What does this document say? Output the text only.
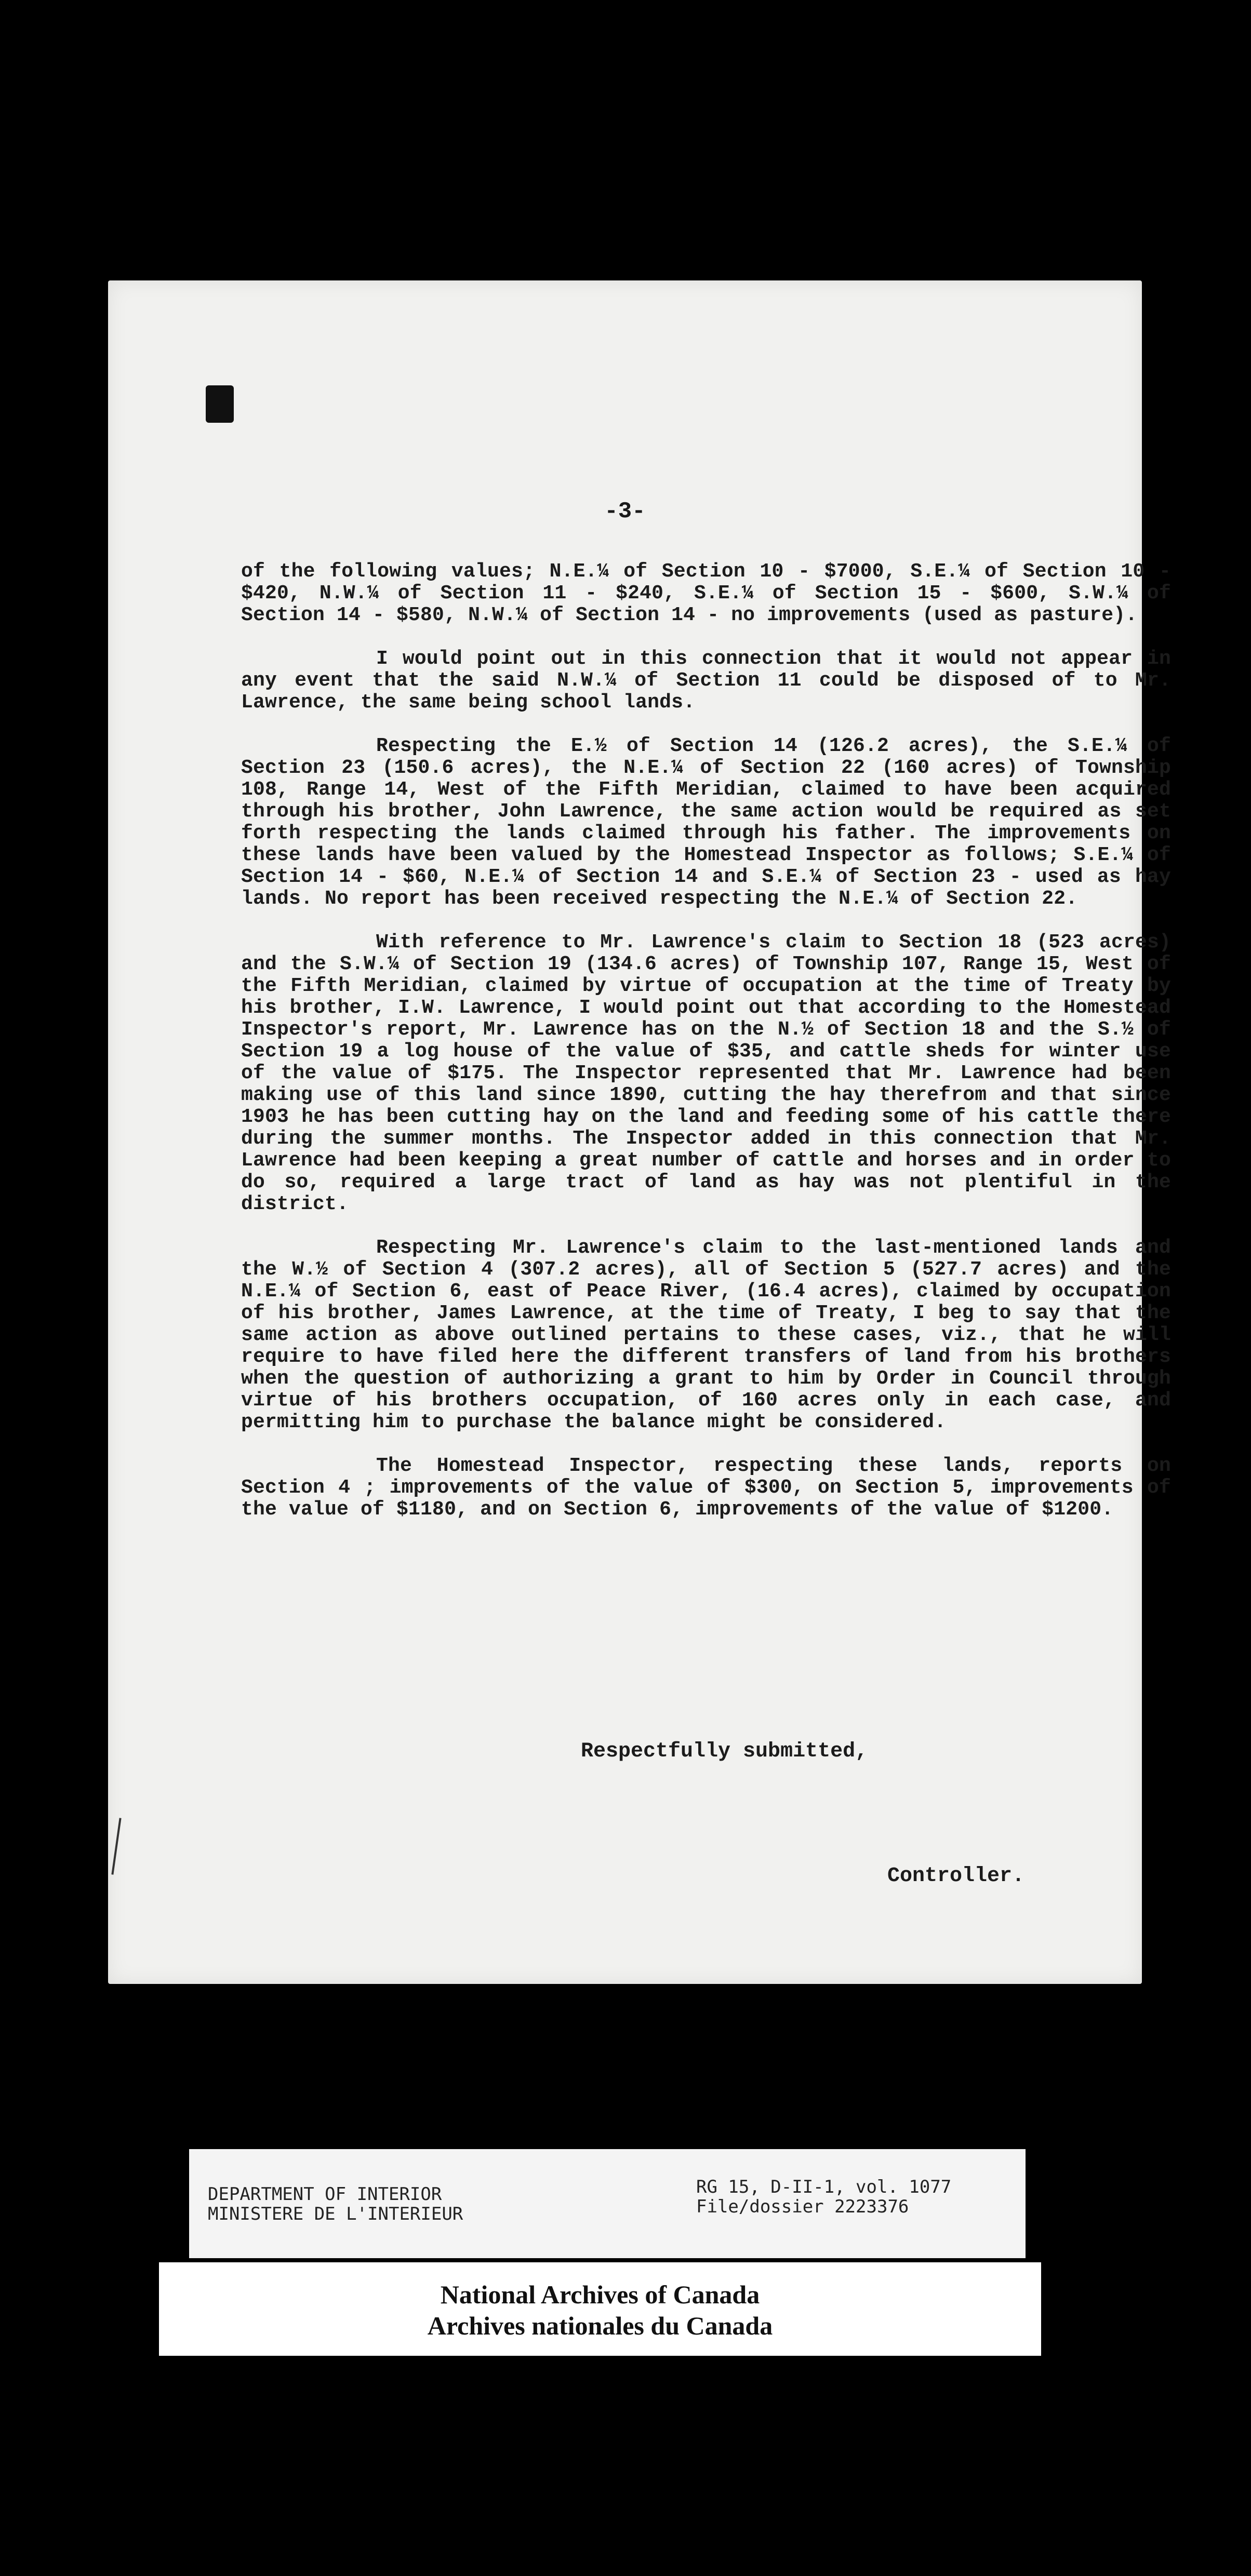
-3-

of the following values; N.E.¼ of Section 10 - $7000, S.E.¼ of Section 10 - $420, N.W.¼ of Section 11 - $240, S.E.¼ of Section 15 - $600, S.W.¼ of Section 14 - $580, N.W.¼ of Section 14 - no improvements (used as pasture).

I would point out in this connection that it would not appear in any event that the said N.W.¼ of Section 11 could be disposed of to Mr. Lawrence, the same being school lands.

Respecting the E.½ of Section 14 (126.2 acres), the S.E.¼ of Section 23 (150.6 acres), the N.E.¼ of Section 22 (160 acres) of Township 108, Range 14, West of the Fifth Meridian, claimed to have been acquired through his brother, John Lawrence, the same action would be required as set forth respecting the lands claimed through his father. The improvements on these lands have been valued by the Homestead Inspector as follows; S.E.¼ of Section 14 - $60, N.E.¼ of Section 14 and S.E.¼ of Section 23 - used as hay lands. No report has been received respecting the N.E.¼ of Section 22.

With reference to Mr. Lawrence's claim to Section 18 (523 acres) and the S.W.¼ of Section 19 (134.6 acres) of Township 107, Range 15, West of the Fifth Meridian, claimed by virtue of occupation at the time of Treaty by his brother, I.W. Lawrence, I would point out that according to the Homestead Inspector's report, Mr. Lawrence has on the N.½ of Section 18 and the S.½ of Section 19 a log house of the value of $35, and cattle sheds for winter use of the value of $175. The Inspector represented that Mr. Lawrence had been making use of this land since 1890, cutting the hay therefrom and that since 1903 he has been cutting hay on the land and feeding some of his cattle there during the summer months. The Inspector added in this connection that Mr. Lawrence had been keeping a great number of cattle and horses and in order to do so, required a large tract of land as hay was not plentiful in the district.

Respecting Mr. Lawrence's claim to the last-mentioned lands and the W.½ of Section 4 (307.2 acres), all of Section 5 (527.7 acres) and the N.E.¼ of Section 6, east of Peace River, (16.4 acres), claimed by occupation of his brother, James Lawrence, at the time of Treaty, I beg to say that the same action as above outlined pertains to these cases, viz., that he will require to have filed here the different transfers of land from his brothers when the question of authorizing a grant to him by Order in Council through virtue of his brothers occupation, of 160 acres only in each case, and permitting him to purchase the balance might be considered.

The Homestead Inspector, respecting these lands, reports on Section 4 ; improvements of the value of $300, on Section 5, improvements of the value of $1180, and on Section 6, improvements of the value of $1200.

Respectfully submitted,
Controller.
DEPARTMENT OF INTERIOR
MINISTERE DE L'INTERIEUR
RG 15, D-II-1, vol. 1077
File/dossier 2223376
National Archives of Canada
Archives nationales du Canada
